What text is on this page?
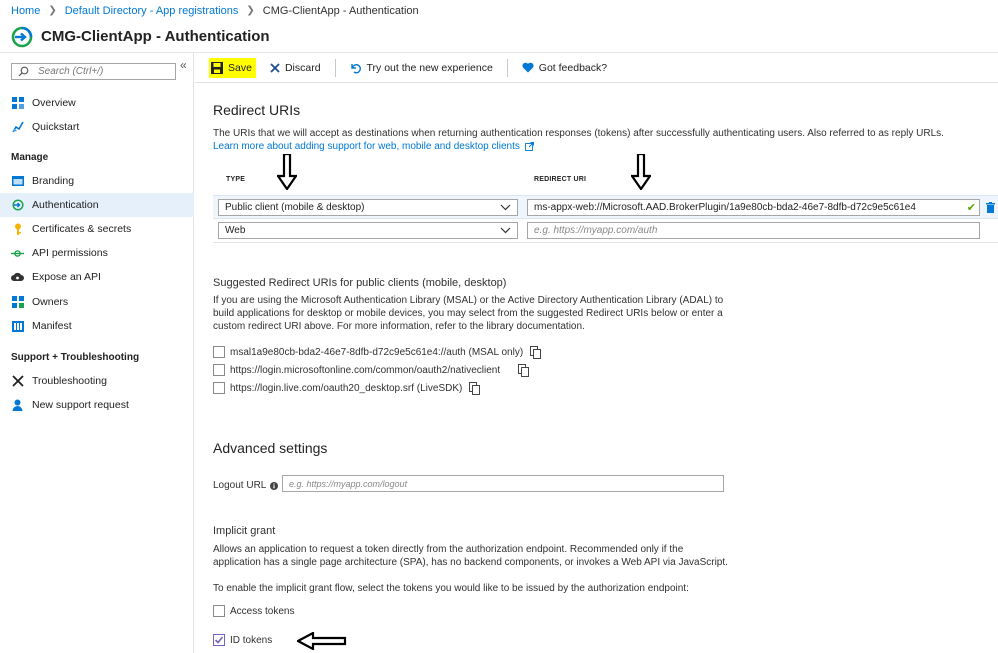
Home ❯ Default Directory - App registrations ❯ CMG-ClientApp - Authentication
CMG-ClientApp - Authentication
Search (Ctrl+/)	«
Overview
Quickstart
Manage
Branding
Authentication
Certificates & secrets
API permissions
Expose an API
Owners
Manifest
Support + Troubleshooting
Troubleshooting
New support request
Save	Discard	Try out the new experience	Got feedback?
Redirect URIs
The URIs that we will accept as destinations when returning authentication responses (tokens) after successfully authenticating users. Also referred to as reply URLs.
Learn more about adding support for web, mobile and desktop clients
TYPE	REDIRECT URI
Public client (mobile & desktop)	ms-appx-web://Microsoft.AAD.BrokerPlugin/1a9e80cb-bda2-46e7-8dfb-d72c9e5c61e4	✔
Web	e.g. https://myapp.com/auth
Suggested Redirect URIs for public clients (mobile, desktop)
If you are using the Microsoft Authentication Library (MSAL) or the Active Directory Authentication Library (ADAL) to
build applications for desktop or mobile devices, you may select from the suggested Redirect URIs below or enter a
custom redirect URI above. For more information, refer to the library documentation.
msal1a9e80cb-bda2-46e7-8dfb-d72c9e5c61e4://auth (MSAL only)
https://login.microsoftonline.com/common/oauth2/nativeclient
https://login.live.com/oauth20_desktop.srf (LiveSDK)
Advanced settings
Logout URL	e.g. https://myapp.com/logout
Implicit grant
Allows an application to request a token directly from the authorization endpoint. Recommended only if the
application has a single page architecture (SPA), has no backend components, or invokes a Web API via JavaScript.
To enable the implicit grant flow, select the tokens you would like to be issued by the authorization endpoint:
Access tokens
ID tokens
